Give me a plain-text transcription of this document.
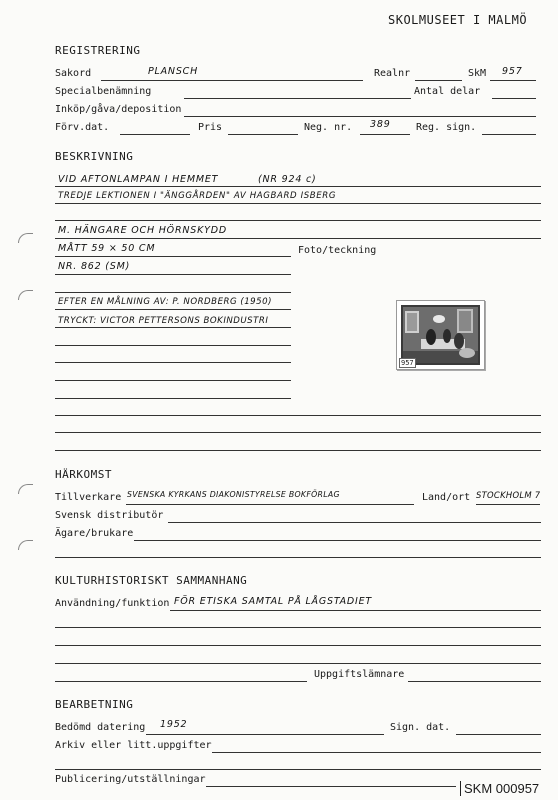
SKOLMUSEET I MALMÖ
REGISTRERING
Sakord	PLANSCH	Realnr	SkM 957
Specialbenämning	Antal delar
Inköp/gåva/deposition
Förv.dat.	Pris	Neg. nr. 389	Reg. sign.
BESKRIVNING
VID AFTONLAMPAN I HEMMET	(NR 924 c)
TREDJE LEKTIONEN I "ÄNGGÅRDEN" AV HAGBARD ISBERG
M. HÄNGARE OCH HÖRNSKYDD
MÅTT 59 × 50 CM	Foto/teckning
NR. 862 (SM)
EFTER EN MÅLNING AV: P. NORDBERG (1950)
TRYCKT: VICTOR PETTERSONS BOKINDUSTRI
957
HÄRKOMST
Tillverkare SVENSKA KYRKANS DIAKONISTYRELSE BOKFÖRLAG	Land/ort STOCKHOLM 7
Svensk distributör
Ägare/brukare
KULTURHISTORISKT SAMMANHANG
Användning/funktion FÖR ETISKA SAMTAL PÅ LÅGSTADIET
Uppgiftslämnare
BEARBETNING
Bedömd datering 1952	Sign. dat.
Arkiv eller litt.uppgifter
Publicering/utställningar
SKM 000957
